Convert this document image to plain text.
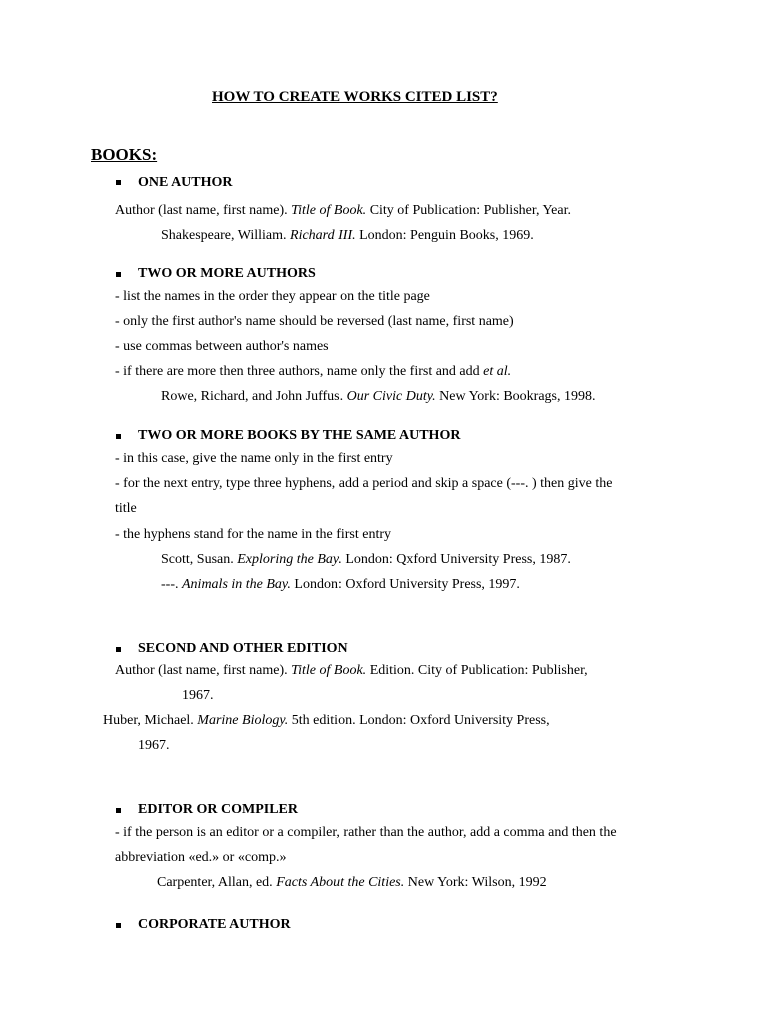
HOW TO CREATE WORKS CITED LIST?
BOOKS:
ONE AUTHOR
Author (last name, first name). Title of Book. City of Publication: Publisher, Year.
Shakespeare, William. Richard III. London: Penguin Books, 1969.
TWO OR MORE AUTHORS
- list the names in the order they appear on the title page
- only the first author's name should be reversed (last name, first name)
- use commas between author's names
- if there are more then three authors, name only the first and add et al.
Rowe, Richard, and John Juffus. Our Civic Duty. New York: Bookrags, 1998.
TWO OR MORE BOOKS BY THE SAME AUTHOR
- in this case, give the name only in the first entry
- for the next entry, type three hyphens, add a period and skip a space (---. ) then give the
title
- the hyphens stand for the name in the first entry
Scott, Susan. Exploring the Bay. London: Qxford University Press, 1987.
---. Animals in the Bay. London: Oxford University Press, 1997.
SECOND AND OTHER EDITION
Author (last name, first name). Title of Book. Edition. City of Publication: Publisher,
1967.
Huber, Michael. Marine Biology. 5th edition. London: Oxford University Press,
1967.
EDITOR OR COMPILER
- if the person is an editor or a compiler, rather than the author, add a comma and then the
abbreviation «ed.» or «comp.»
Carpenter, Allan, ed. Facts About the Cities. New York: Wilson, 1992
CORPORATE AUTHOR
